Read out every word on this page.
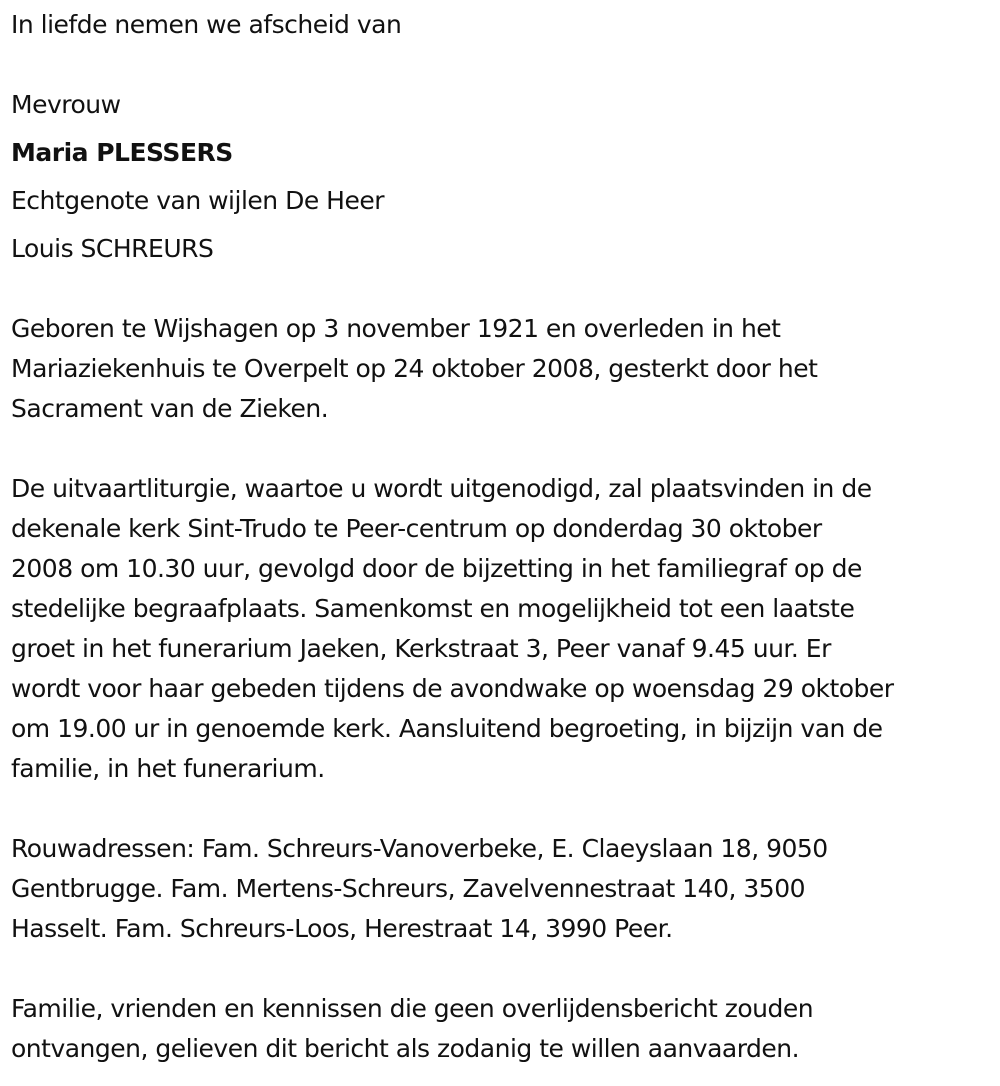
In liefde nemen we afscheid van
Mevrouw
Maria PLESSERS
Echtgenote van wijlen De Heer
Louis SCHREURS
Geboren te Wijshagen op 3 november 1921 en overleden in het
Mariaziekenhuis te Overpelt op 24 oktober 2008, gesterkt door het
Sacrament van de Zieken.
De uitvaartliturgie, waartoe u wordt uitgenodigd, zal plaatsvinden in de
dekenale kerk Sint-Trudo te Peer-centrum op donderdag 30 oktober
2008 om 10.30 uur, gevolgd door de bijzetting in het familiegraf op de
stedelijke begraafplaats. Samenkomst en mogelijkheid tot een laatste
groet in het funerarium Jaeken, Kerkstraat 3, Peer vanaf 9.45 uur. Er
wordt voor haar gebeden tijdens de avondwake op woensdag 29 oktober
om 19.00 ur in genoemde kerk. Aansluitend begroeting, in bijzijn van de
familie, in het funerarium.
Rouwadressen: Fam. Schreurs-Vanoverbeke, E. Claeyslaan 18, 9050
Gentbrugge. Fam. Mertens-Schreurs, Zavelvennestraat 140, 3500
Hasselt. Fam. Schreurs-Loos, Herestraat 14, 3990 Peer.
Familie, vrienden en kennissen die geen overlijdensbericht zouden
ontvangen, gelieven dit bericht als zodanig te willen aanvaarden.
